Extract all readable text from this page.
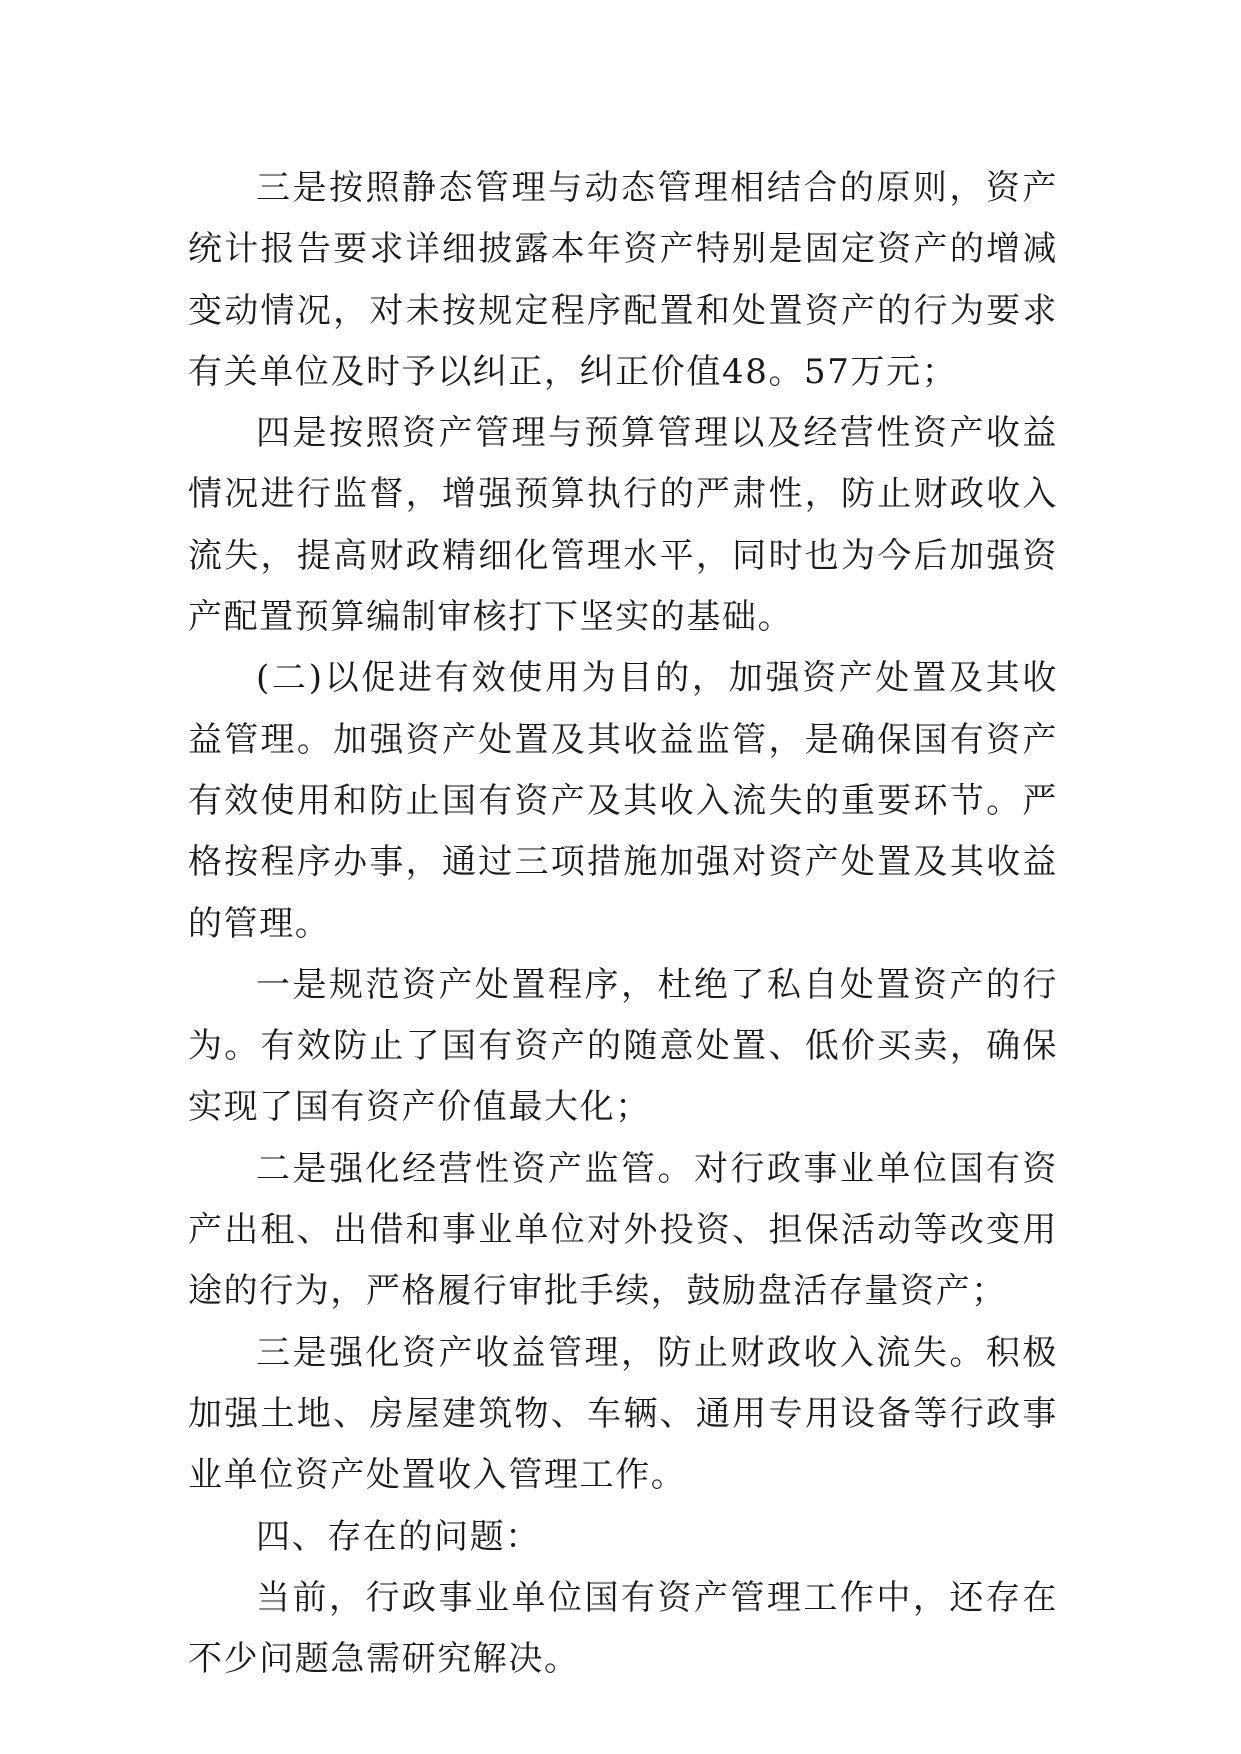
三是按照静态管理与动态管理相结合的原则，资产统计报告要求详细披露本年资产特别是固定资产的增减变动情况，对未按规定程序配置和处置资产的行为要求有关单位及时予以纠正，纠正价值48。57万元；

四是按照资产管理与预算管理以及经营性资产收益情况进行监督，增强预算执行的严肃性，防止财政收入流失，提高财政精细化管理水平，同时也为今后加强资产配置预算编制审核打下坚实的基础。

(二)以促进有效使用为目的，加强资产处置及其收益管理。加强资产处置及其收益监管，是确保国有资产有效使用和防止国有资产及其收入流失的重要环节。严格按程序办事，通过三项措施加强对资产处置及其收益的管理。

一是规范资产处置程序，杜绝了私自处置资产的行为。有效防止了国有资产的随意处置、低价买卖，确保实现了国有资产价值最大化；

二是强化经营性资产监管。对行政事业单位国有资产出租、出借和事业单位对外投资、担保活动等改变用途的行为，严格履行审批手续，鼓励盘活存量资产；

三是强化资产收益管理，防止财政收入流失。积极加强土地、房屋建筑物、车辆、通用专用设备等行政事业单位资产处置收入管理工作。

四、存在的问题：

当前，行政事业单位国有资产管理工作中，还存在不少问题急需研究解决。
